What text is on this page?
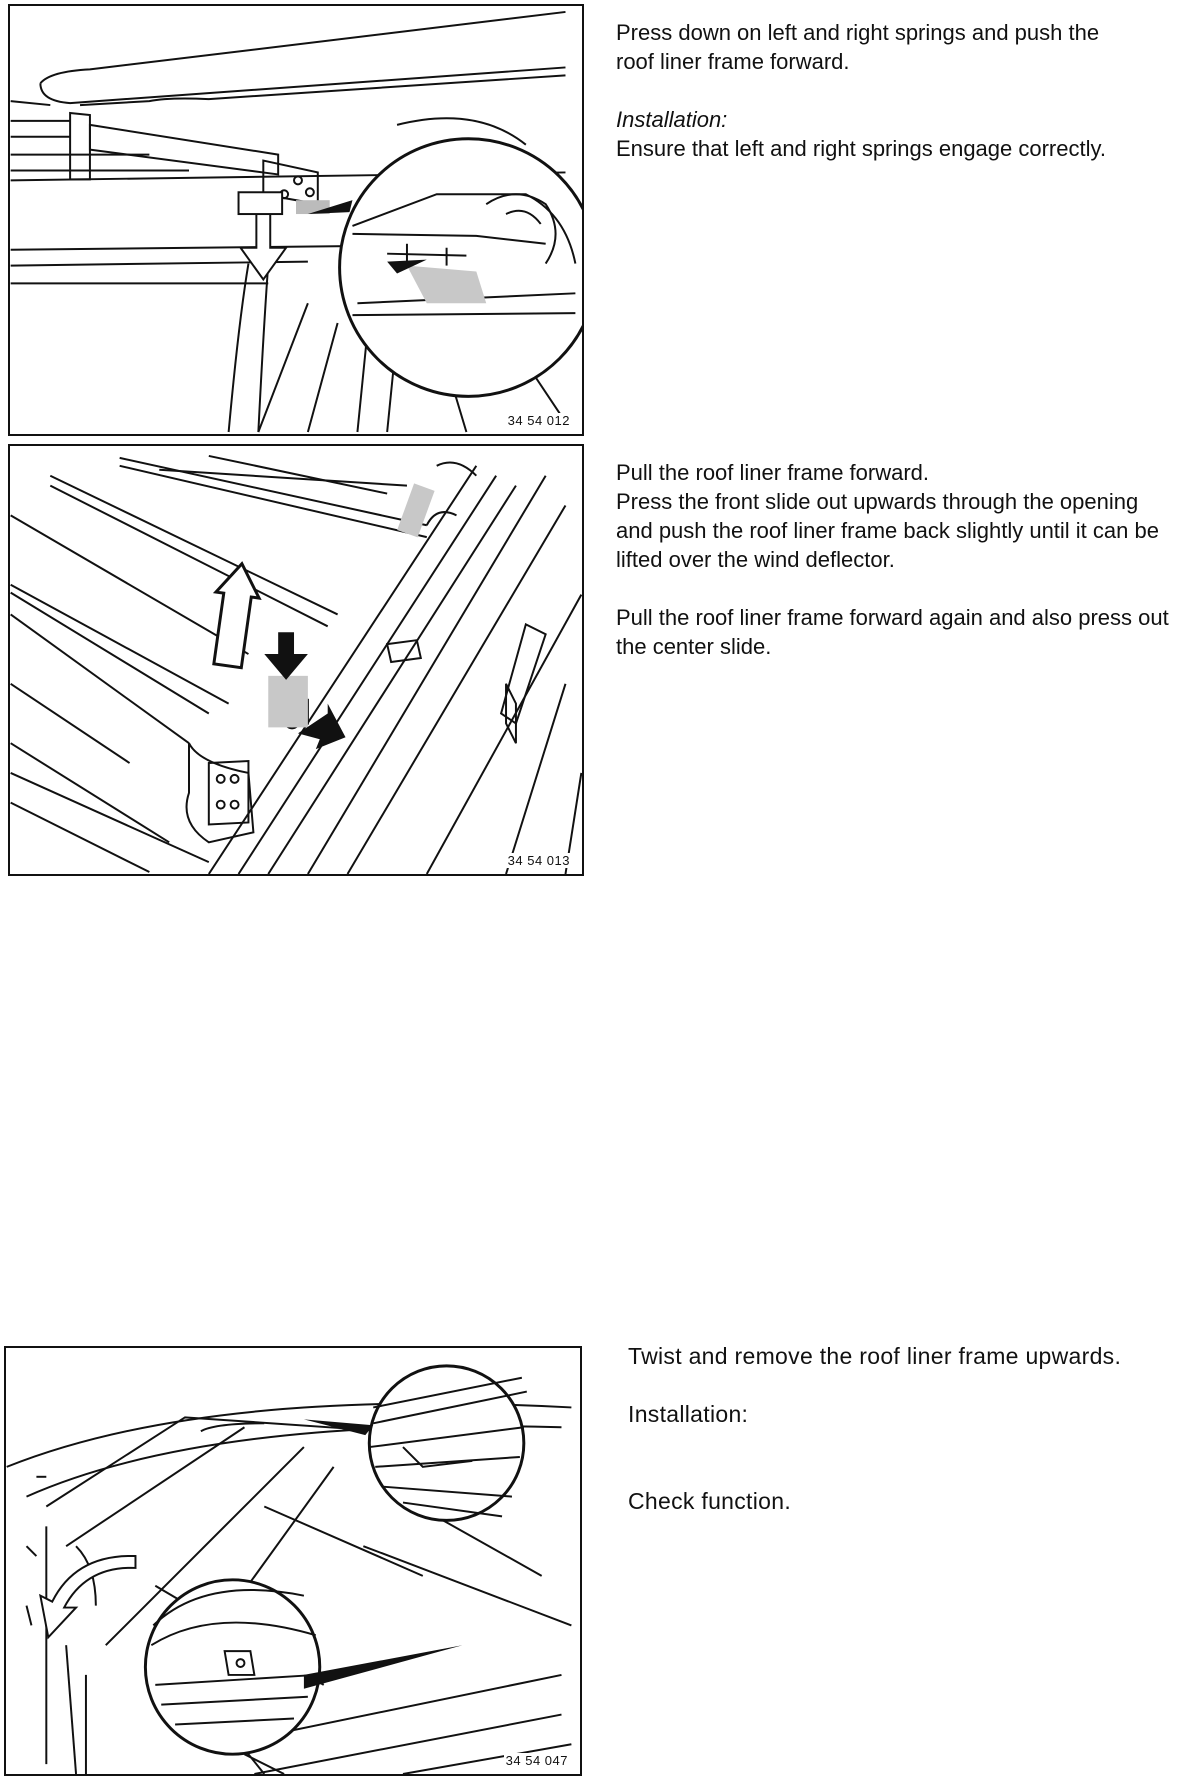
34 54 012

Press down on left and right springs and push the roof liner frame forward.

Installation:
Ensure that left and right springs engage correctly.

34 54 013

Pull the roof liner frame forward.
Press the front slide out upwards through the opening and push the roof liner frame back slightly until it can be lifted over the wind deflector.

Pull the roof liner frame forward again and also press out the center slide.

34 54 047

Twist and remove the roof liner frame upwards.

Installation:

Check function.
